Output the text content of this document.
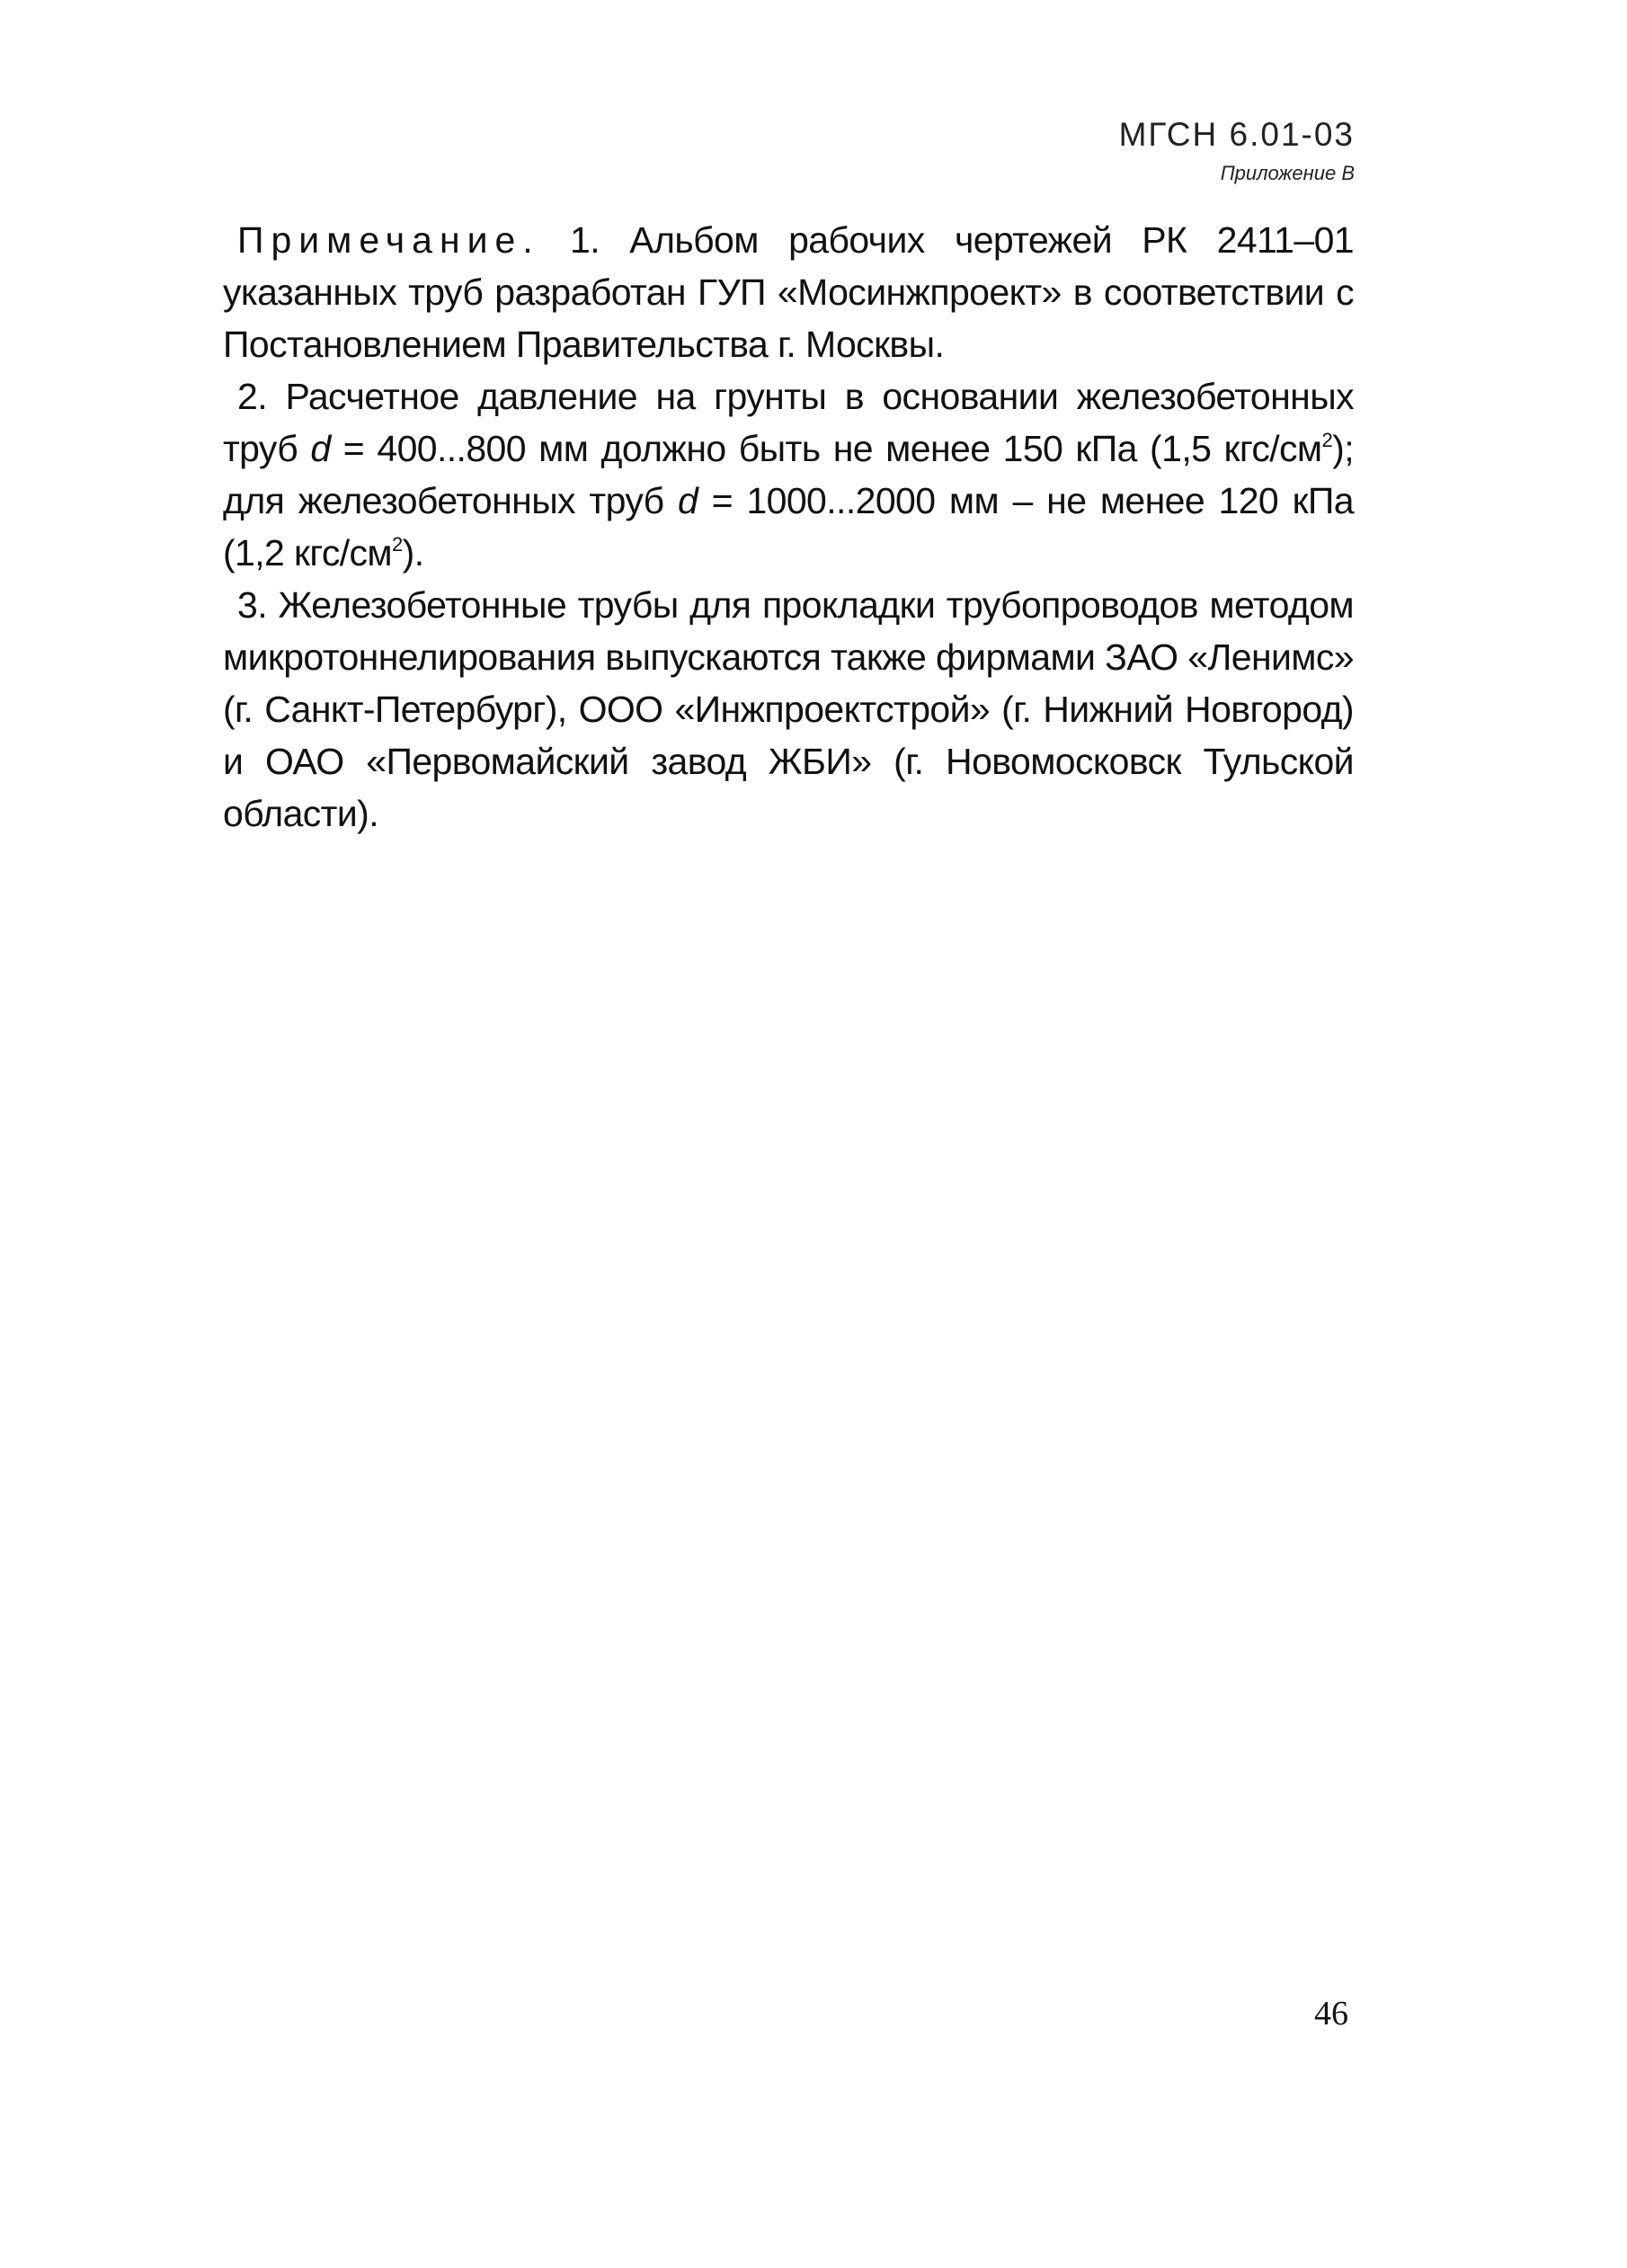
МГСН 6.01-03
Приложение В

Примечание. 1. Альбом рабочих чертежей РК 2411–01 указанных труб разработан ГУП «Мосинжпроект» в соответствии с Постановлением Правительства г. Москвы.

2. Расчетное давление на грунты в основании железобетонных труб d = 400...800 мм должно быть не менее 150 кПа (1,5 кгс/$см^2$); для железобетонных труб d = 1000...2000 мм – не менее 120 кПа (1,2 кгс/$см^2$).

3. Железобетонные трубы для прокладки трубопроводов методом микротоннелирования выпускаются также фирмами ЗАО «Ленимс» (г. Санкт-Петербург), ООО «Инжпроектстрой» (г. Нижний Новгород) и ОАО «Первомайский завод ЖБИ» (г. Новомосковск Тульской области).

46
